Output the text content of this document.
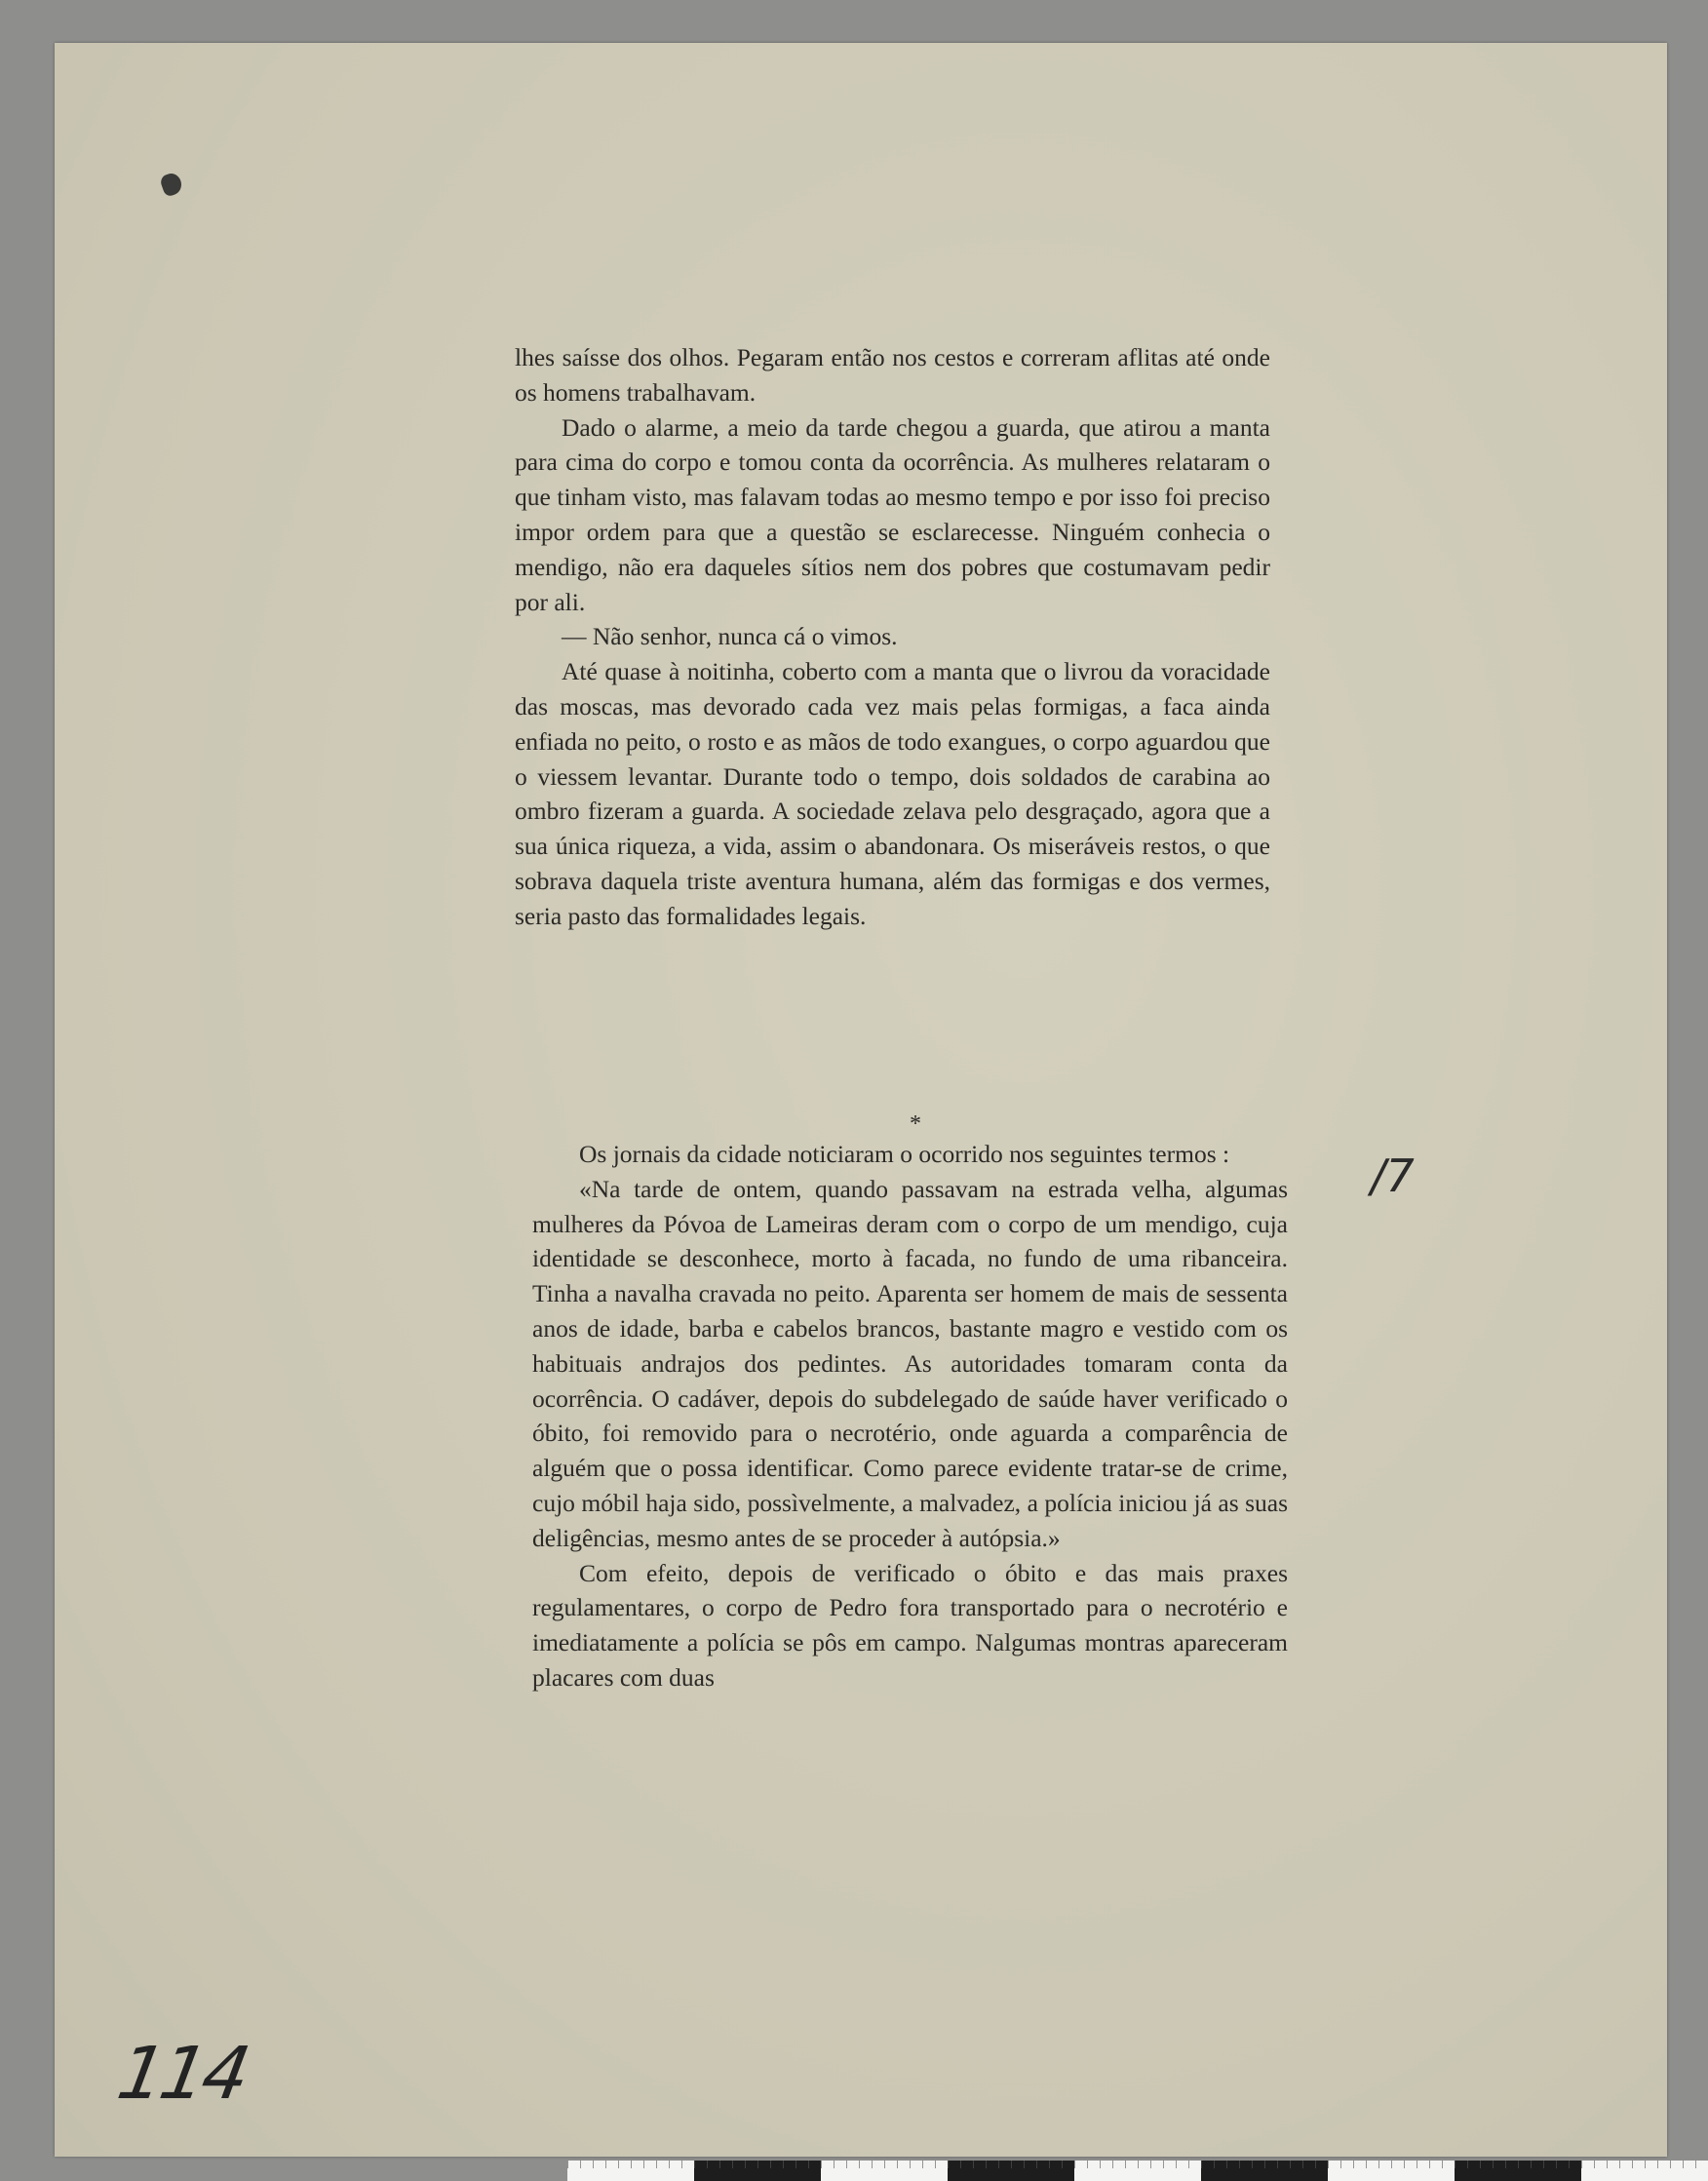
lhes saísse dos olhos. Pegaram então nos cestos e correram aflitas até onde os homens trabalhavam.

Dado o alarme, a meio da tarde chegou a guarda, que atirou a manta para cima do corpo e tomou conta da ocorrência. As mulheres relataram o que tinham visto, mas falavam todas ao mesmo tempo e por isso foi preciso impor ordem para que a questão se esclarecesse. Ninguém conhecia o mendigo, não era daqueles sítios nem dos pobres que costumavam pedir por ali.

— Não senhor, nunca cá o vimos.

Até quase à noitinha, coberto com a manta que o livrou da voracidade das moscas, mas devorado cada vez mais pelas formigas, a faca ainda enfiada no peito, o rosto e as mãos de todo exangues, o corpo aguardou que o viessem levantar. Durante todo o tempo, dois soldados de carabina ao ombro fizeram a guarda. A sociedade zelava pelo desgraçado, agora que a sua única riqueza, a vida, assim o abandonara. Os miseráveis restos, o que sobrava daquela triste aventura humana, além das formigas e dos vermes, seria pasto das formalidades legais.

*

Os jornais da cidade noticiaram o ocorrido nos seguintes termos :

«Na tarde de ontem, quando passavam na estrada velha, algumas mulheres da Póvoa de Lameiras deram com o corpo de um mendigo, cuja identidade se desconhece, morto à facada, no fundo de uma ribanceira. Tinha a navalha cravada no peito. Aparenta ser homem de mais de sessenta anos de idade, barba e cabelos brancos, bastante magro e vestido com os habituais andrajos dos pedintes. As autoridades tomaram conta da ocorrência. O cadáver, depois do subdelegado de saúde haver verificado o óbito, foi removido para o necrotério, onde aguarda a comparência de alguém que o possa identificar. Como parece evidente tratar-se de crime, cujo móbil haja sido, possìvelmente, a malvadez, a polícia iniciou já as suas deligências, mesmo antes de se proceder à autópsia.»

Com efeito, depois de verificado o óbito e das mais praxes regulamentares, o corpo de Pedro fora transportado para o necrotério e imediatamente a polícia se pôs em campo. Nalgumas montras apareceram placares com duas

/7
114
